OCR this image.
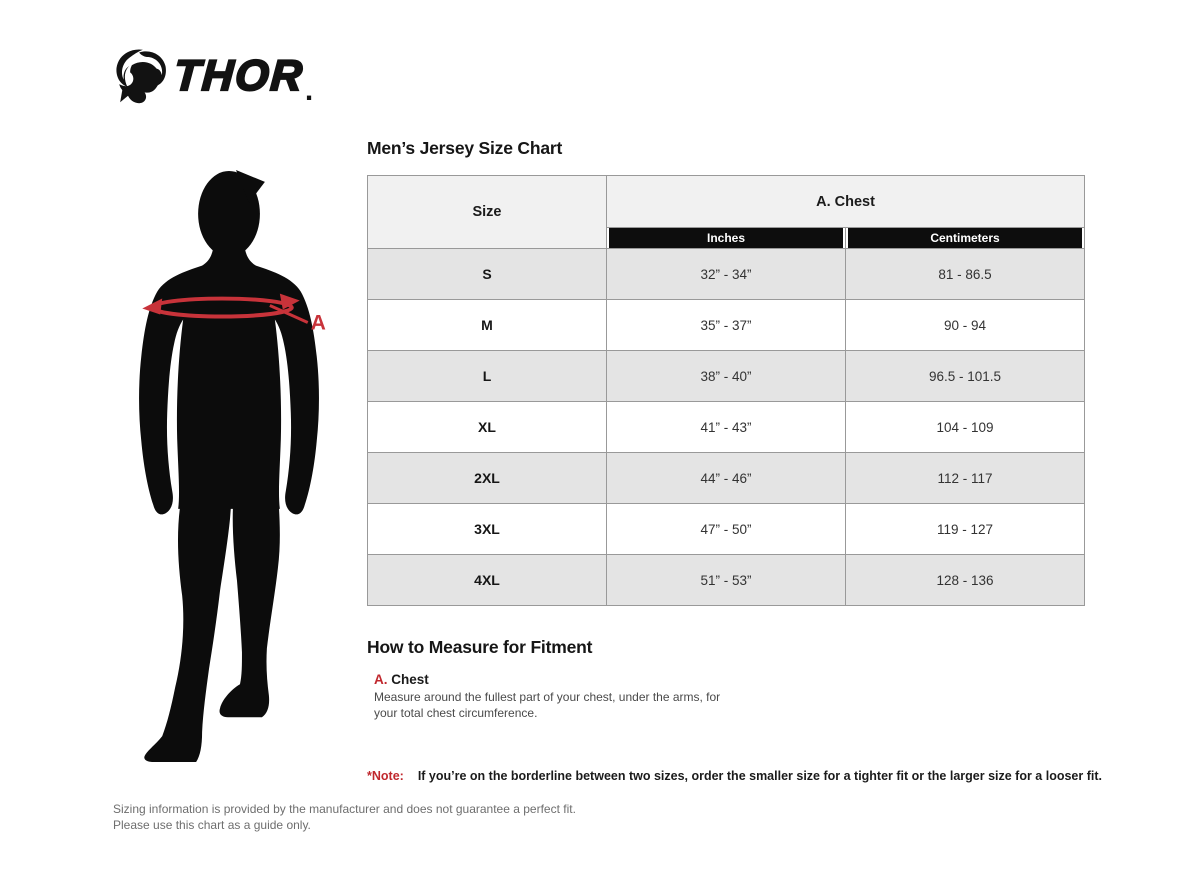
THOR .
A
Men’s Jersey Size Chart
Size	A. Chest	

	Inches	Centimeters

S	32” - 34”	81 - 86.5
M	35” - 37”	90 - 94
L	38” - 40”	96.5 - 101.5
XL	41” - 43”	104 - 109
2XL	44” - 46”	112 - 117
3XL	47” - 50”	119 - 127
4XL	51” - 53”	128 - 136
How to Measure for Fitment
A. Chest

Measure around the fullest part of your chest, under the arms, for your total chest circumference.

*Note: If you’re on the borderline between two sizes, order the smaller size for a tighter fit or the larger size for a looser fit.
Sizing information is provided by the manufacturer and does not guarantee a perfect fit.
Please use this chart as a guide only.
